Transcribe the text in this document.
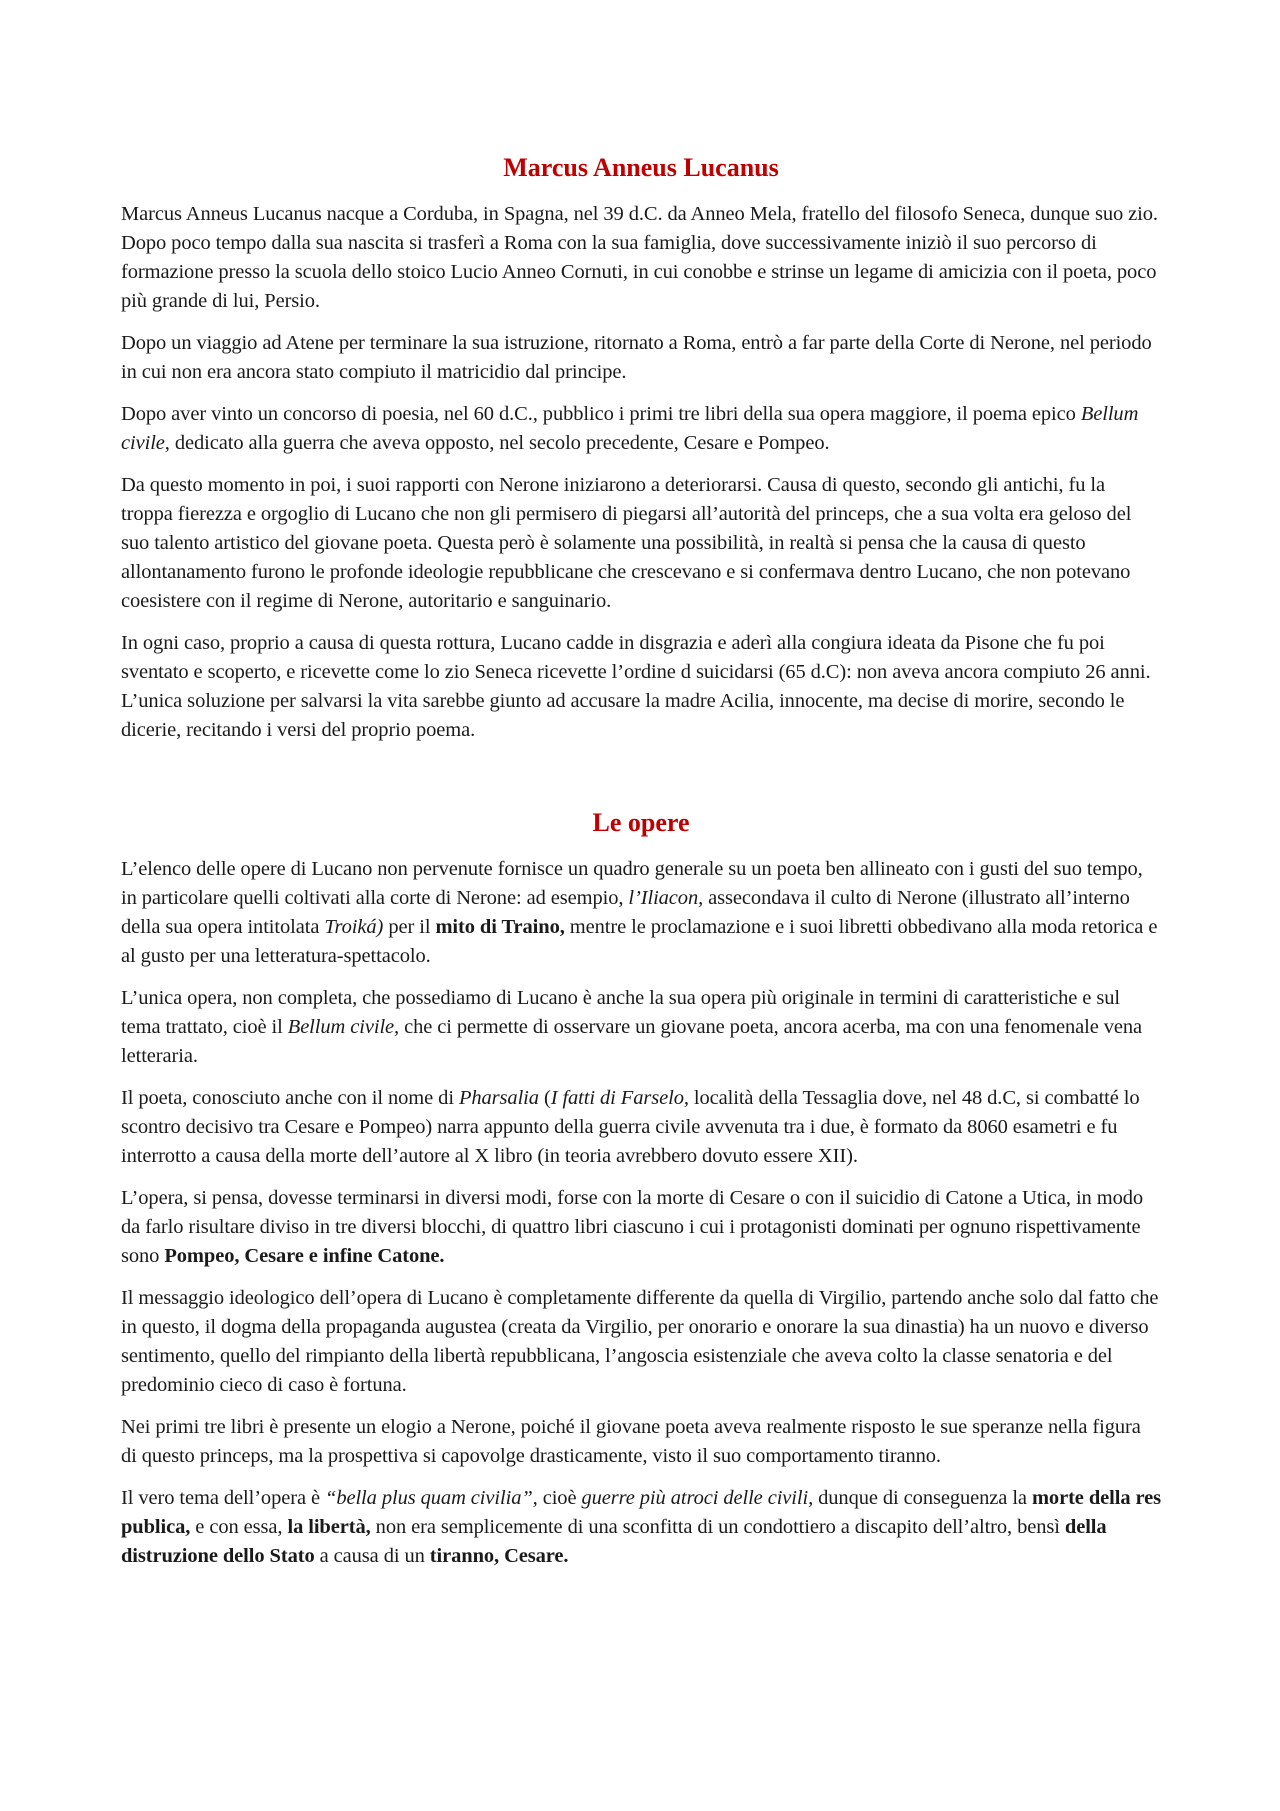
Marcus Anneus Lucanus

Marcus Anneus Lucanus nacque a Corduba, in Spagna, nel 39 d.C. da Anneo Mela, fratello del filosofo Seneca, dunque suo zio. Dopo poco tempo dalla sua nascita si trasferì a Roma con la sua famiglia, dove successivamente iniziò il suo percorso di formazione presso la scuola dello stoico Lucio Anneo Cornuti, in cui conobbe e strinse un legame di amicizia con il poeta, poco più grande di lui, Persio.

Dopo un viaggio ad Atene per terminare la sua istruzione, ritornato a Roma, entrò a far parte della Corte di Nerone, nel periodo in cui non era ancora stato compiuto il matricidio dal principe.

Dopo aver vinto un concorso di poesia, nel 60 d.C., pubblico i primi tre libri della sua opera maggiore, il poema epico Bellum civile, dedicato alla guerra che aveva opposto, nel secolo precedente, Cesare e Pompeo.

Da questo momento in poi, i suoi rapporti con Nerone iniziarono a deteriorarsi. Causa di questo, secondo gli antichi, fu la troppa fierezza e orgoglio di Lucano che non gli permisero di piegarsi all’autorità del princeps, che a sua volta era geloso del suo talento artistico del giovane poeta. Questa però è solamente una possibilità, in realtà si pensa che la causa di questo allontanamento furono le profonde ideologie repubblicane che crescevano e si confermava dentro Lucano, che non potevano coesistere con il regime di Nerone, autoritario e sanguinario.

In ogni caso, proprio a causa di questa rottura, Lucano cadde in disgrazia e aderì alla congiura ideata da Pisone che fu poi sventato e scoperto, e ricevette come lo zio Seneca ricevette l’ordine d suicidarsi (65 d.C): non aveva ancora compiuto 26 anni. L’unica soluzione per salvarsi la vita sarebbe giunto ad accusare la madre Acilia, innocente, ma decise di morire, secondo le dicerie, recitando i versi del proprio poema.

Le opere

L’elenco delle opere di Lucano non pervenute fornisce un quadro generale su un poeta ben allineato con i gusti del suo tempo, in particolare quelli coltivati alla corte di Nerone: ad esempio, l’Iliacon, assecondava il culto di Nerone (illustrato all’interno della sua opera intitolata Troiká) per il mito di Traino, mentre le proclamazione e i suoi libretti obbedivano alla moda retorica e al gusto per una letteratura-spettacolo.

L’unica opera, non completa, che possediamo di Lucano è anche la sua opera più originale in termini di caratteristiche e sul tema trattato, cioè il Bellum civile, che ci permette di osservare un giovane poeta, ancora acerba, ma con una fenomenale vena letteraria.

Il poeta, conosciuto anche con il nome di Pharsalia (I fatti di Farselo, località della Tessaglia dove, nel 48 d.C, si combatté lo scontro decisivo tra Cesare e Pompeo) narra appunto della guerra civile avvenuta tra i due, è formato da 8060 esametri e fu interrotto a causa della morte dell’autore al X libro (in teoria avrebbero dovuto essere XII).

L’opera, si pensa, dovesse terminarsi in diversi modi, forse con la morte di Cesare o con il suicidio di Catone a Utica, in modo da farlo risultare diviso in tre diversi blocchi, di quattro libri ciascuno i cui i protagonisti dominati per ognuno rispettivamente sono Pompeo, Cesare e infine Catone.

Il messaggio ideologico dell’opera di Lucano è completamente differente da quella di Virgilio, partendo anche solo dal fatto che in questo, il dogma della propaganda augustea (creata da Virgilio, per onorario e onorare la sua dinastia) ha un nuovo e diverso sentimento, quello del rimpianto della libertà repubblicana, l’angoscia esistenziale che aveva colto la classe senatoria e del predominio cieco di caso è fortuna.

Nei primi tre libri è presente un elogio a Nerone, poiché il giovane poeta aveva realmente risposto le sue speranze nella figura di questo princeps, ma la prospettiva si capovolge drasticamente, visto il suo comportamento tiranno.

Il vero tema dell’opera è “bella plus quam civilia”, cioè guerre più atroci delle civili, dunque di conseguenza la morte della res publica, e con essa, la libertà, non era semplicemente di una sconfitta di un condottiero a discapito dell’altro, bensì della distruzione dello Stato a causa di un tiranno, Cesare.
